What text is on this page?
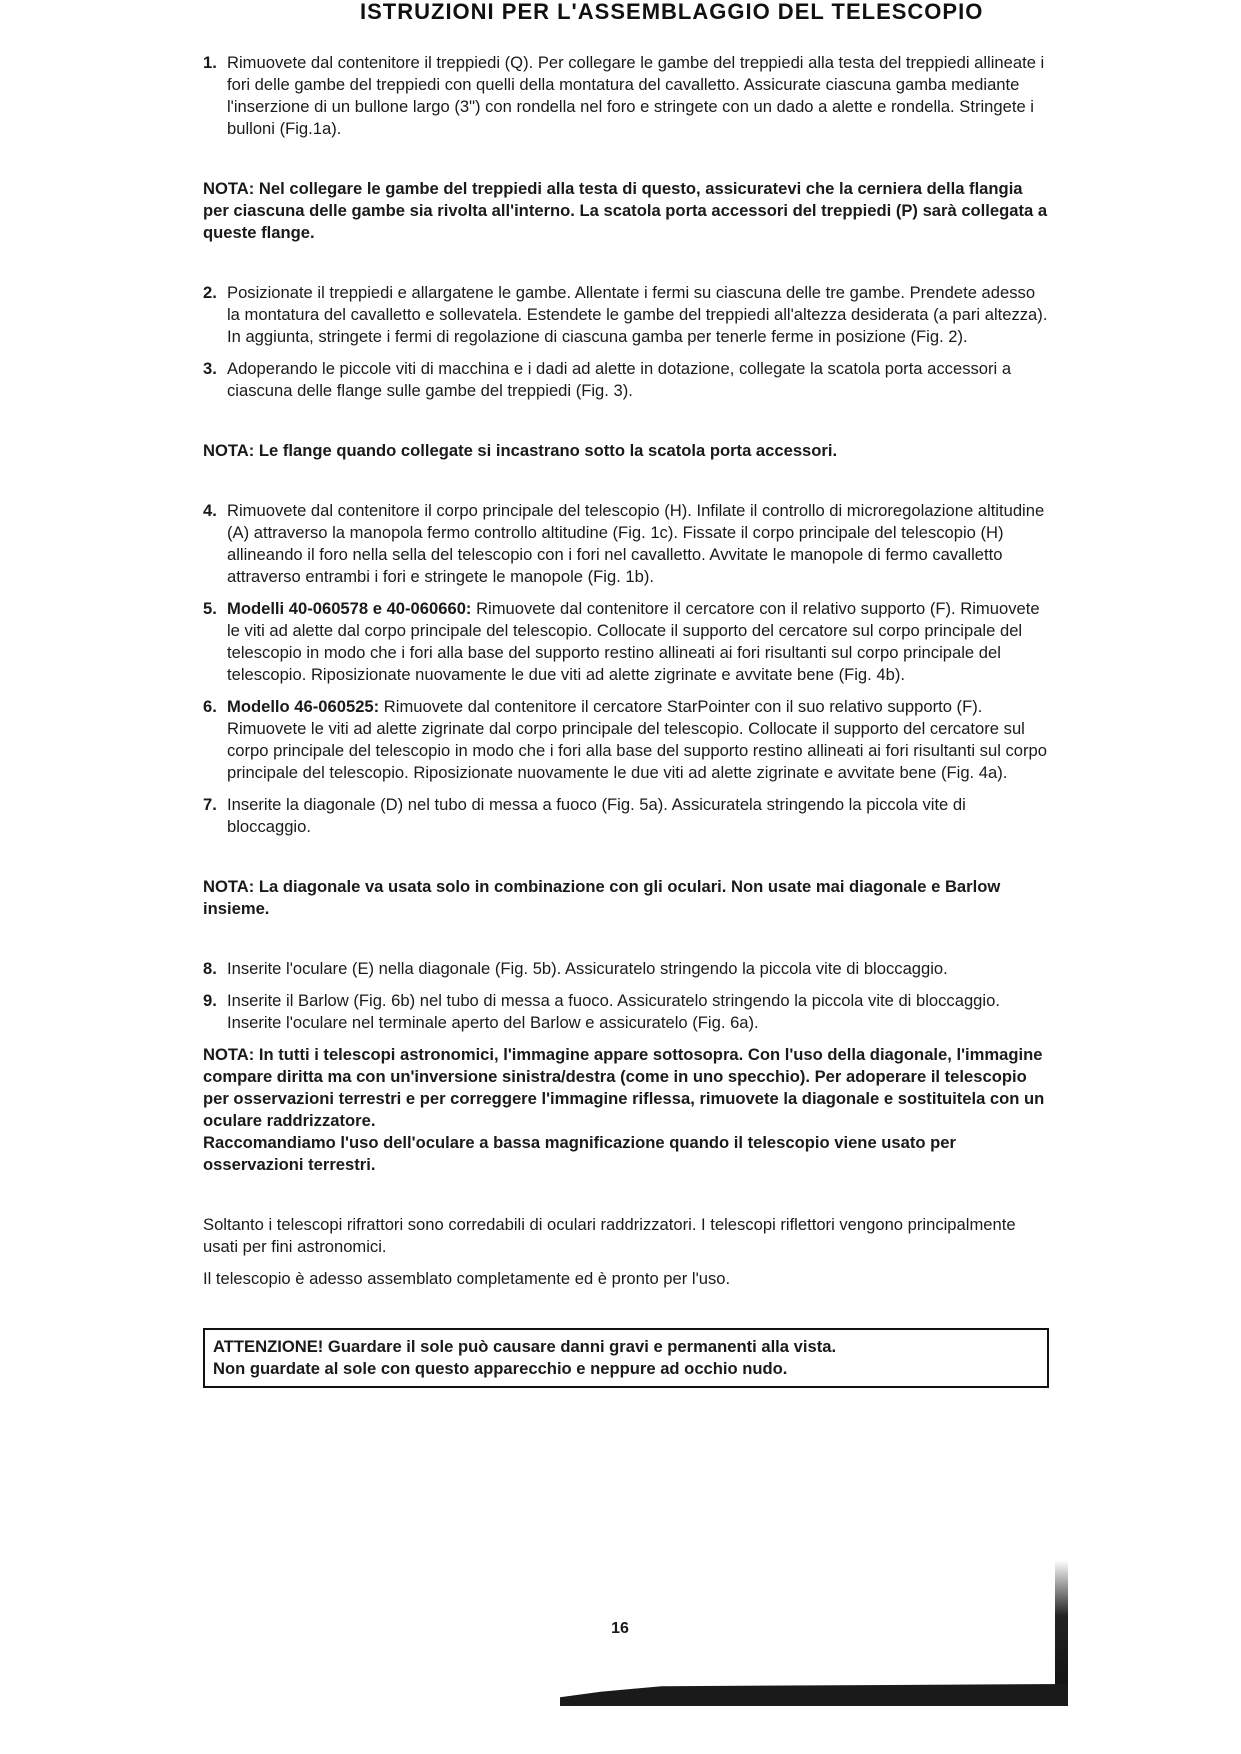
ISTRUZIONI PER L'ASSEMBLAGGIO DEL TELESCOPIO
1. Rimuovete dal contenitore il treppiedi (Q). Per collegare le gambe del treppiedi alla testa del treppiedi allineate i fori delle gambe del treppiedi con quelli della montatura del cavalletto. Assicurate ciascuna gamba mediante l'inserzione di un bullone largo (3") con rondella nel foro e stringete con un dado a alette e rondella. Stringete i bulloni (Fig.1a).
NOTA: Nel collegare le gambe del treppiedi alla testa di questo, assicuratevi che la cerniera della flangia per ciascuna delle gambe sia rivolta all'interno. La scatola porta accessori del treppiedi (P) sarà collegata a queste flange.
2. Posizionate il treppiedi e allargatene le gambe. Allentate i fermi su ciascuna delle tre gambe. Prendete adesso la montatura del cavalletto e sollevatela. Estendete le gambe del treppiedi all'altezza desiderata (a pari altezza). In aggiunta, stringete i fermi di regolazione di ciascuna gamba per tenerle ferme in posizione (Fig. 2).
3. Adoperando le piccole viti di macchina e i dadi ad alette in dotazione, collegate la scatola porta accessori a ciascuna delle flange sulle gambe del treppiedi (Fig. 3).
NOTA: Le flange quando collegate si incastrano sotto la scatola porta accessori.
4. Rimuovete dal contenitore il corpo principale del telescopio (H). Infilate il controllo di microregolazione altitudine (A) attraverso la manopola fermo controllo altitudine (Fig. 1c). Fissate il corpo principale del telescopio (H) allineando il foro nella sella del telescopio con i fori nel cavalletto. Avvitate le manopole di fermo cavalletto attraverso entrambi i fori e stringete le manopole (Fig. 1b).
5. Modelli 40-060578 e 40-060660: Rimuovete dal contenitore il cercatore con il relativo supporto (F). Rimuovete le viti ad alette dal corpo principale del telescopio. Collocate il supporto del cercatore sul corpo principale del telescopio in modo che i fori alla base del supporto restino allineati ai fori risultanti sul corpo principale del telescopio. Riposizionate nuovamente le due viti ad alette zigrinate e avvitate bene (Fig. 4b).
6. Modello 46-060525: Rimuovete dal contenitore il cercatore StarPointer con il suo relativo supporto (F). Rimuovete le viti ad alette zigrinate dal corpo principale del telescopio. Collocate il supporto del cercatore sul corpo principale del telescopio in modo che i fori alla base del supporto restino allineati ai fori risultanti sul corpo principale del telescopio. Riposizionate nuovamente le due viti ad alette zigrinate e avvitate bene (Fig. 4a).
7. Inserite la diagonale (D) nel tubo di messa a fuoco (Fig. 5a). Assicuratela stringendo la piccola vite di bloccaggio.
NOTA: La diagonale va usata solo in combinazione con gli oculari. Non usate mai diagonale e Barlow insieme.
8. Inserite l'oculare (E) nella diagonale (Fig. 5b). Assicuratelo stringendo la piccola vite di bloccaggio.
9. Inserite il Barlow (Fig. 6b) nel tubo di messa a fuoco. Assicuratelo stringendo la piccola vite di bloccaggio. Inserite l'oculare nel terminale aperto del Barlow e assicuratelo (Fig. 6a).
NOTA: In tutti i telescopi astronomici, l'immagine appare sottosopra. Con l'uso della diagonale, l'immagine compare diritta ma con un'inversione sinistra/destra (come in uno specchio). Per adoperare il telescopio per osservazioni terrestri e per correggere l'immagine riflessa, rimuovete la diagonale e sostituitela con un oculare raddrizzatore.
Raccomandiamo l'uso dell'oculare a bassa magnificazione quando il telescopio viene usato per osservazioni terrestri.
Soltanto i telescopi rifrattori sono corredabili di oculari raddrizzatori. I telescopi riflettori vengono principalmente usati per fini astronomici.
Il telescopio è adesso assemblato completamente ed è pronto per l'uso.
ATTENZIONE! Guardare il sole può causare danni gravi e permanenti alla vista.
Non guardate al sole con questo apparecchio e neppure ad occhio nudo.
16
